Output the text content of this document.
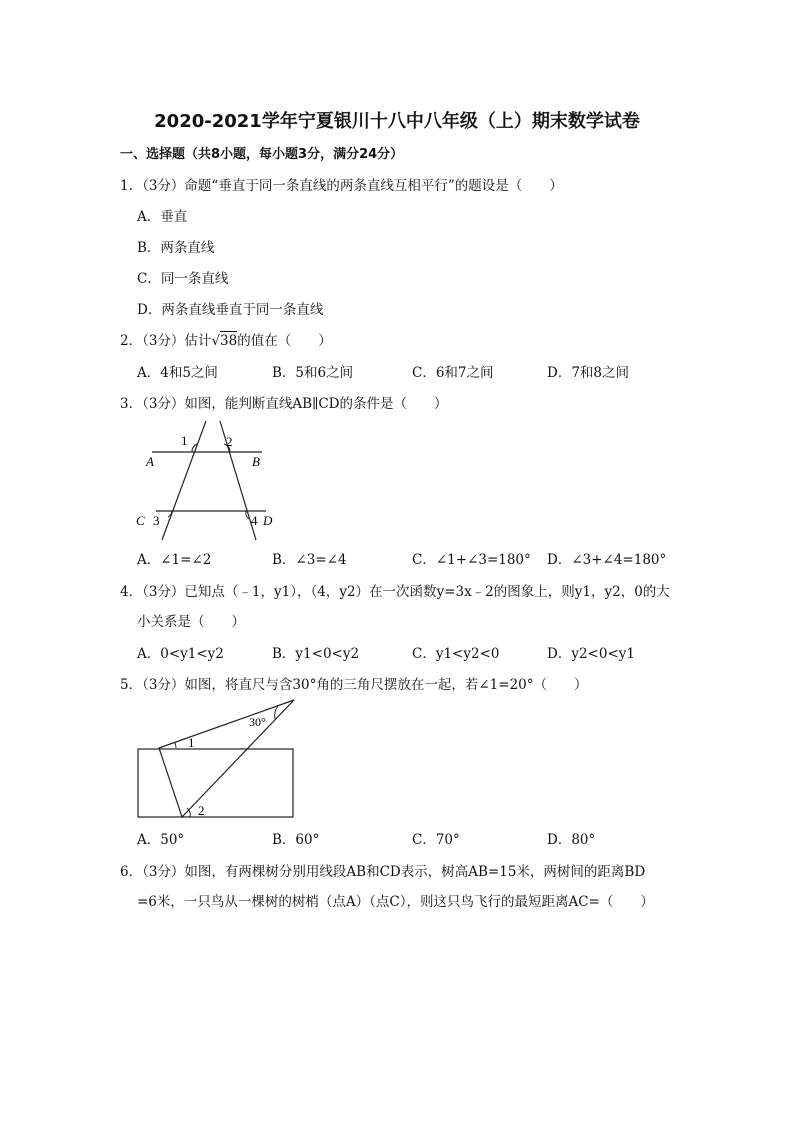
2020-2021学年宁夏银川十八中八年级（上）期末数学试卷
一、选择题（共8小题，每小题3分，满分24分）
1．（3分）命题“垂直于同一条直线的两条直线互相平行”的题设是（　　）
A．垂直
B．两条直线
C．同一条直线
D．两条直线垂直于同一条直线
2．（3分）估计√38的值在（　　）
A．4和5之间	B．5和6之间	C．6和7之间	D．7和8之间
3．（3分）如图，能判断直线AB∥CD的条件是（　　）
1	2
A	B
C 3	4 D
A．∠1=∠2	B．∠3=∠4	C．∠1+∠3=180° D．∠3+∠4=180°
4．（3分）已知点（﹣1，y1），（4，y2）在一次函数y=3x﹣2的图象上，则y1，y2，0的大
小关系是（　　）
A．0<y1<y2	B．y1<0<y2	C．y1<y2<0	D．y2<0<y1
5．（3分）如图，将直尺与含30°角的三角尺摆放在一起，若∠1=20°（　　）
30°
1
2
A．50°	B．60°	C．70°	D．80°
6．（3分）如图，有两棵树分别用线段AB和CD表示，树高AB=15米，两树间的距离BD
=6米，一只鸟从一棵树的树梢（点A）（点C），则这只鸟飞行的最短距离AC=（　　）
